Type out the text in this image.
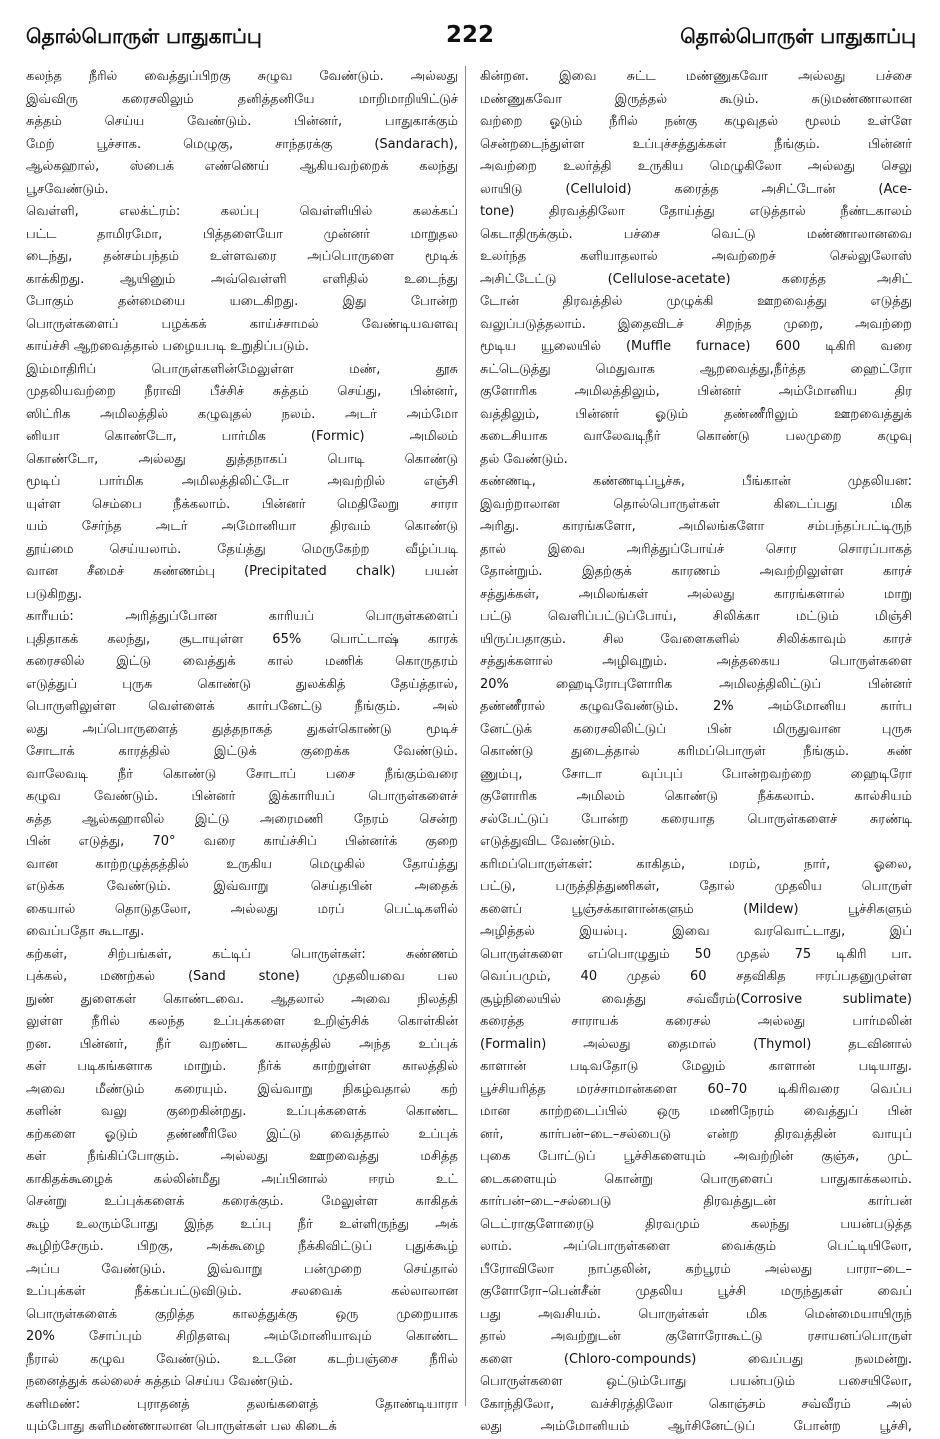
தொல்பொருள் பாதுகாப்பு	222	தொல்பொருள் பாதுகாப்பு
கலந்த நீரில் வைத்துப்பிறகு சுழுவ வேண்டும். அல்லது
இவ்விரு கரைசலிலும் தனித்தனியே மாறிமாறியிட்டுச்
சுத்தம் செய்ய வேண்டும். பின்னர், பாதுகாக்கும்
மேற் பூச்சாக. மெழுகு, சாந்தரக்கு (Sandarach),
ஆல்கஹால், ஸ்பைக் எண்ணெய் ஆகியவற்றைக் கலந்து
பூசவேண்டும்.
வெள்ளி, எலக்ட்ரம்: கலப்பு வெள்ளியில் கலக்கப்
பட்ட தாமிரமோ, பித்தளையோ முன்னர் மாறுதல
டைந்து, தன்சம்பந்தம் உள்ளவரை அப்பொருளை மூடிக்
காக்கிறது. ஆயினும் அவ்வெள்ளி எளிதில் உடைந்து
போகும் தன்மையை யடைகிறது. இது போன்ற
பொருள்களைப் பழக்கக் காய்ச்சாமல் வேண்டியவளவு
காய்ச்சி ஆறவைத்தால் பழையபடி உறுதிப்படும்.
இம்மாதிரிப் பொருள்களின்மேலுள்ள மண், தூசு
முதலியவற்றை நீராவி பீச்சிச் சுத்தம் செய்து, பின்னர்,
ஸிட்ரிக அமிலத்தில் கழுவுதல் நலம். அடர் அம்மோ
னியா கொண்டோ, பார்மிக (Formic) அமிலம்
கொண்டோ, அல்லது துத்தநாகப் பொடி கொண்டு
மூடிப் பார்மிக அமிலத்திலிட்டோ அவற்றில் எஞ்சி
யுள்ள செம்பை நீக்கலாம். பின்னர் மெதிலேறு சாரா
யம் சேர்ந்த அடர் அமோனியா திரவம் கொண்டு
தூய்மை செய்யலாம். தேய்த்து மெருகேற்ற வீழ்ப்படி
வான சீமைச் சுண்ணம்பு (Precipitated chalk) பயன்
படுகிறது.
காரீயம்: அரித்துப்போன காரியப் பொருள்களைப்
புதிதாகக் கலந்து, சூடாயுள்ள 65% பொட்டாஷ் காரக்
கரைசலில் இட்டு வைத்துக் கால் மணிக் கொருதரம்
எடுத்துப் புருசு கொண்டு துலக்கித் தேய்த்தால்,
பொருளிலுள்ள வெள்ளைக் கார்பனேட்டு நீங்கும். அல்
லது அப்பொருளைத் துத்தநாகத் துகள்கொண்டு மூடிச்
சோடாக் காரத்தில் இட்டுக் குறைக்க வேண்டும்.
வாலேவடி நீர் கொண்டு சோடாப் பசை நீங்கும்வரை
கழுவ வேண்டும். பின்னர் இக்காரியப் பொருள்களைச்
சுத்த ஆல்கஹாலில் இட்டு அரைமணி நேரம் சென்ற
பின் எடுத்து, 70° வரை காய்ச்சிப் பின்னர்க் குறை
வான காற்றழுத்தத்தில் உருகிய மெழுகில் தோய்த்து
எடுக்க வேண்டும். இவ்வாறு செய்தபின் அதைக்
கையால் தொடுதலோ, அல்லது மரப் பெட்டிகளில்
வைப்பதோ கூடாது.
கற்கள், சிற்பங்கள், கட்டிப் பொருள்கள்: சுண்ணம்
புக்கல், மணற்கல் (Sand stone) முதலியவை பல
நுண் துளைகள் கொண்டவை. ஆதலால் அவை நிலத்தி
லுள்ள நீரில் கலந்த உப்புக்களை உறிஞ்சிக் கொள்கின்
றன. பின்னர், நீர் வறண்ட காலத்தில் அந்த உப்புக்
கள் படிகங்களாக மாறும். நீர்க் காற்றுள்ள காலத்தில்
அவை மீண்டும் கரையும். இவ்வாறு நிகழ்வதால் கற்
களின் வலு குறைகின்றது. உப்புக்களைக் கொண்ட
கற்களை ஓடும் தண்ணீரிலே இட்டு வைத்தால் உப்புக்
கள் நீங்கிப்போகும். அல்லது ஊறவைத்து மசித்த
காகிதக்கூழைக் கல்லின்மீது அப்பினால் ஈரம் உட்
சென்று உப்புக்களைக் கரைக்கும். மேலுள்ள காகிதக்
கூழ் உலரும்போது இந்த உப்பு நீர் உள்ளிருந்து அக்
கூழிற்சேரும். பிறகு, அக்கூழை நீக்கிவிட்டுப் புதுக்கூழ்
அப்ப வேண்டும். இவ்வாறு பன்முறை செய்தால்
உப்புக்கள் நீக்கப்பட்டுவிடும். சலவைக் கல்லாலான
பொருள்களைக் குறித்த காலத்துக்கு ஒரு முறையாக
20% சோப்பும் சிறிதளவு அம்மோனியாவும் கொண்ட
நீரால் கழுவ வேண்டும். உடனே கடற்பஞ்சை நீரில்
நனைத்துக் கல்லைச் சுத்தம் செய்ய வேண்டும்.
களிமண்: புராதனத் தலங்களைத் தோண்டியாரா
யும்போது களிமண்ணாலான பொருள்கள் பல கிடைக்
கின்றன. இவை சுட்ட மண்ணுகவோ அல்லது பச்சை
மண்ணுகவோ இருத்தல் கூடும். சுடுமண்ணாலான
வற்றை ஓடும் நீரில் நன்கு கழுவுதல் மூலம் உள்ளே
சென்றடைந்துள்ள உப்புச்சத்துக்கள் நீங்கும். பின்னர்
அவற்றை உலர்த்தி உருகிய மெழுகிலோ அல்லது செலு
லாயிடு (Celluloid) கரைத்த அசிட்டோன் (Ace-
tone) திரவத்திலோ தோய்த்து எடுத்தால் நீண்டகாலம்
கெடாதிருக்கும். பச்சை வெட்டு மண்ணாலானவை
உலர்ந்த களியாதலால் அவற்றைச் செல்லுலோஸ்
அசிட்டேட்டு (Cellulose-acetate) கரைத்த அசிட்
டோன் திரவத்தில் முழுக்கி ஊறவைத்து எடுத்து
வலுப்படுத்தலாம். இதைவிடச் சிறந்த முறை, அவற்றை
மூடிய யூலையில் (Muffle furnace) 600 டிகிரி வரை
சுட்டெடுத்து மெதுவாக ஆறவைத்து,நீர்த்த ஹைட்ரோ
குளோரிக அமிலத்திலும், பின்னர் அம்மோனிய திர
வத்திலும், பின்னர் ஓடும் தண்ணீரிலும் ஊறவைத்துக்
கடைசியாக வாலேவடிநீர் கொண்டு பலமுறை கழுவு
தல் வேண்டும்.
கண்ணடி, கண்ணடிப்பூச்சு, பீங்கான் முதலியன:
இவற்றாலான தொல்பொருள்கள் கிடைப்பது மிக
அரிது. காரங்களோ, அமிலங்களோ சம்பந்தப்பட்டிருந்
தால் இவை அரித்துப்போய்ச் சொர சொரப்பாகத்
தோன்றும். இதற்குக் காரணம் அவற்றிலுள்ள காரச்
சத்துக்கள், அமிலங்கள் அல்லது காரங்களால் மாறு
பட்டு வெளிப்பட்டுப்போய், சிலிக்கா மட்டும் மிஞ்சி
யிருப்பதாகும். சில வேளைகளில் சிலிக்காவும் காரச்
சத்துக்களால் அழிவுறும். அத்தகைய பொருள்களை
20% ஹைடிரோபுளோரிக அமிலத்திலிட்டுப் பின்னர்
தண்ணீரால் கழுவவேண்டும். 2% அம்மோனிய கார்ப
னேட்டுக் கரைசலிலிட்டுப் பின் மிருதுவான புருசு
கொண்டு துடைத்தால் கரிமப்பொருள் நீங்கும். சுண்
ணும்பு, சோடா வுப்புப் போன்றவற்றை ஹைடிரோ
குளோரிக அமிலம் கொண்டு நீக்கலாம். கால்சியம்
சல்பேட்டுப் போன்ற கரையாத பொருள்களைச் சுரண்டி
எடுத்துவிட வேண்டும்.
கரிமப்பொருள்கள்: காகிதம், மரம், நார், ஓலை,
பட்டு, பருத்தித்துணிகள், தோல் முதலிய பொருள்
களைப் பூஞ்சக்காளான்களும் (Mildew) பூச்சிகளும்
அழித்தல் இயல்பு. இவை வரவொட்டாது, இப்
பொருள்களை எப்பொழுதும் 50 முதல் 75 டிகிரி பா.
வெப்பமும், 40 முதல் 60 சதவிகித ஈரப்பதனுமுள்ள
சூழ்நிலையில் வைத்து சவ்வீரம்(Corrosive sublimate)
கரைத்த சாராயக் கரைசல் அல்லது பார்மலின்
(Formalin) அல்லது தைமால் (Thymol) தடவினால்
காளான் படிவதோடு மேலும் காளான் படியாது.
பூச்சியரித்த மரச்சாமான்களை 60–70 டிகிரிவரை வெப்ப
மான காற்றடைப்பில் ஒரு மணிநேரம் வைத்துப் பின்
னர், கார்பன்–டை–சல்பைடு என்ற திரவத்தின் வாயுப்
புகை போட்டுப் பூச்சிகளையும் அவற்றின் குஞ்சு, முட்
டைகளையும் கொன்று பொருளைப் பாதுகாக்கலாம்.
கார்பன்–டை–சல்பைடு திரவத்துடன் கார்பன்
டெட்ராகுளோரைடு திரவமும் கலந்து பயன்படுத்த
லாம். அப்பொருள்களை வைக்கும் பெட்டியிலோ,
பீரோவிலோ நாப்தலின், கற்பூரம் அல்லது பாரா–டை–
குளோரோ–பென்சீன் முதலிய பூச்சி மருந்துகள் வைப்
பது அவசியம். பொருள்கள் மிக மென்மையாயிருந்
தால் அவற்றுடன் குளோரோகூட்டு ரசாயனப்பொருள்
களை (Chloro-compounds) வைப்பது நலமன்று.
பொருள்களை ஒட்டும்போது பயன்படும் பசையிலோ,
கோந்திலோ, வச்சிரத்திலோ கொஞ்சம் சவ்வீரம் அல்
லது அம்மோனியம் ஆர்சினேட்டுப் போன்ற பூச்சி,
